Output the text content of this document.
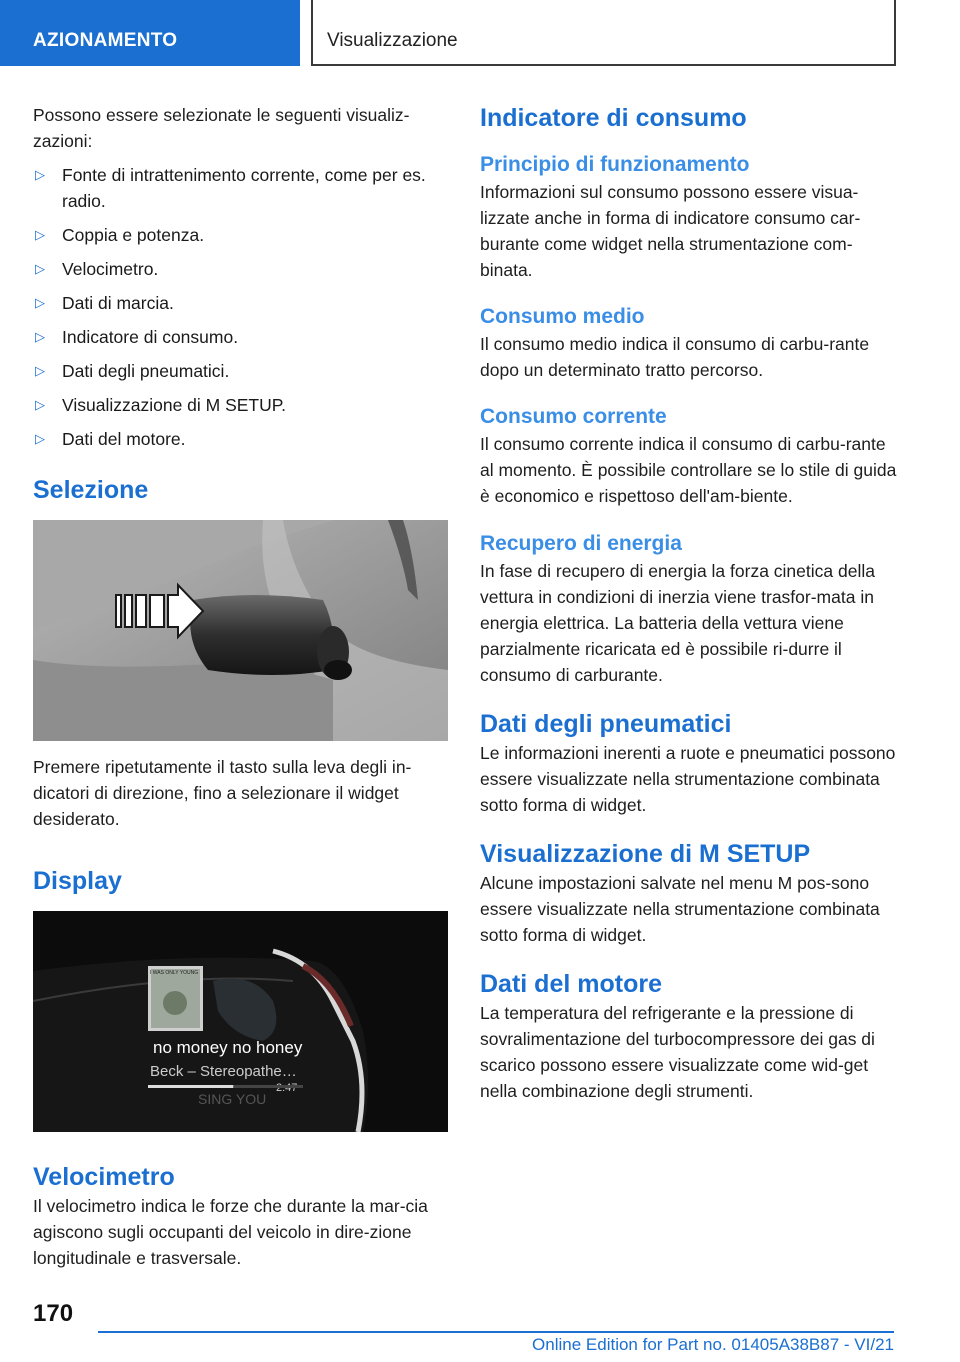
AZIONAMENTO	Visualizzazione

Possono essere selezionate le seguenti visualiz-zazioni:

▷ Fonte di intrattenimento corrente, come per es. radio.
▷ Coppia e potenza.
▷ Velocimetro.
▷ Dati di marcia.
▷ Indicatore di consumo.
▷ Dati degli pneumatici.
▷ Visualizzazione di M SETUP.
▷ Dati del motore.
Selezione

Premere ripetutamente il tasto sulla leva degli in-dicatori di direzione, fino a selezionare il widget desiderato.

Display
I WAS ONLY YOUNG
no money no honey
Beck – Stereopathe…
SING YOU
Velocimetro

Il velocimetro indica le forze che durante la mar-cia agiscono sugli occupanti del veicolo in dire-zione longitudinale e trasversale.

Indicatore di consumo
Principio di funzionamento

Informazioni sul consumo possono essere visua-lizzate anche in forma di indicatore consumo car-burante come widget nella strumentazione com-binata.

Consumo medio

Il consumo medio indica il consumo di carbu-rante dopo un determinato tratto percorso.

Consumo corrente

Il consumo corrente indica il consumo di carbu-rante al momento. È possibile controllare se lo stile di guida è economico e rispettoso dell'am-biente.

Recupero di energia

In fase di recupero di energia la forza cinetica della vettura in condizioni di inerzia viene trasfor-mata in energia elettrica. La batteria della vettura viene parzialmente ricaricata ed è possibile ri-durre il consumo di carburante.

Dati degli pneumatici

Le informazioni inerenti a ruote e pneumatici possono essere visualizzate nella strumentazione combinata sotto forma di widget.

Visualizzazione di M SETUP

Alcune impostazioni salvate nel menu M pos-sono essere visualizzate nella strumentazione combinata sotto forma di widget.

Dati del motore

La temperatura del refrigerante e la pressione di sovralimentazione del turbocompressore dei gas di scarico possono essere visualizzate come wid-get nella combinazione degli strumenti.

170
Online Edition for Part no. 01405A38B87 - VI/21
